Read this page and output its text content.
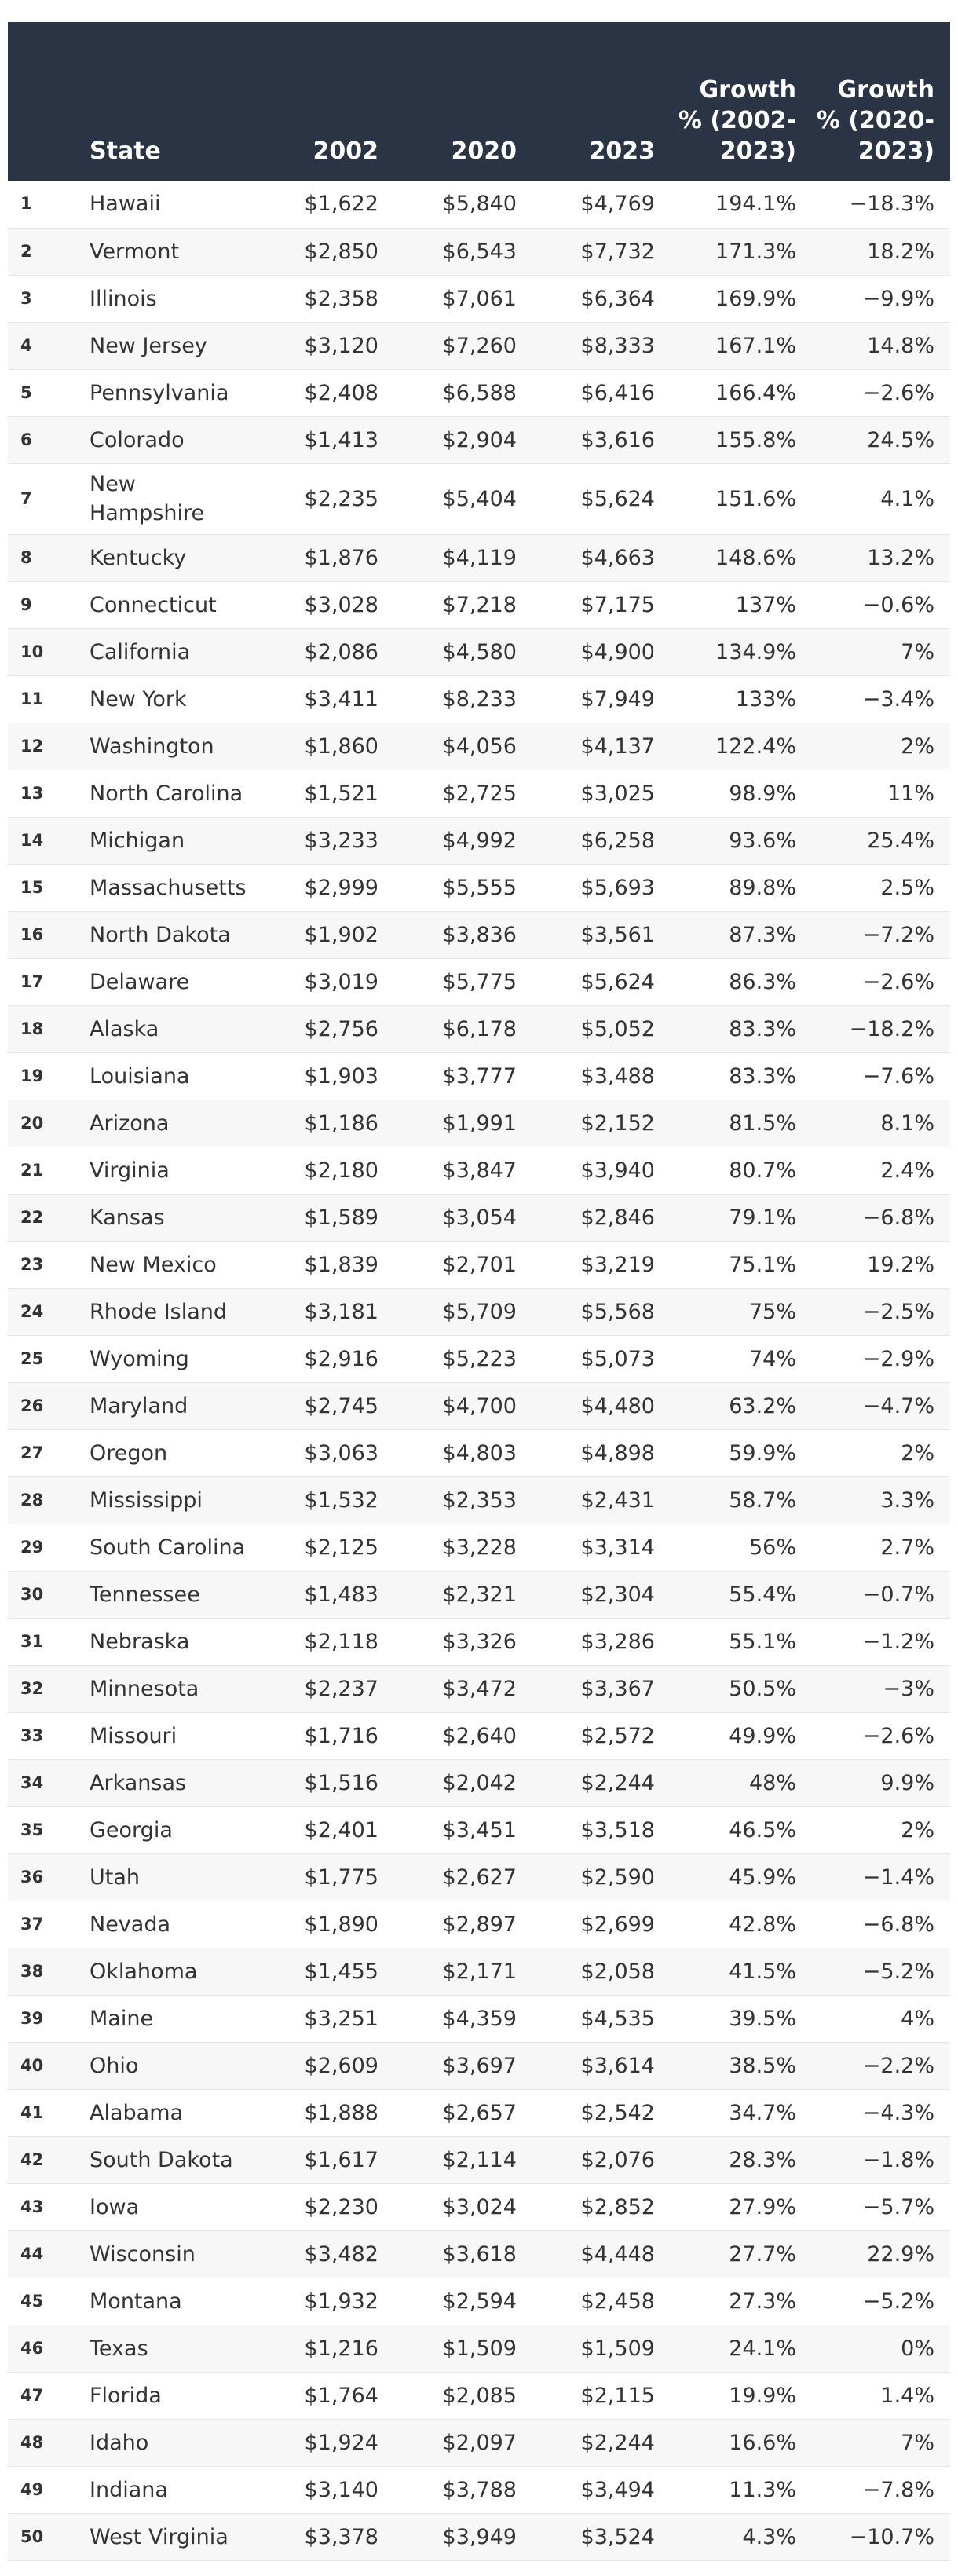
	State	2002	2020	2023	Growth % (2002-2023)	Growth % (2020-2023)
1	Hawaii	$1,622	$5,840	$4,769	194.1%	−18.3%
2	Vermont	$2,850	$6,543	$7,732	171.3%	18.2%
3	Illinois	$2,358	$7,061	$6,364	169.9%	−9.9%
4	New Jersey	$3,120	$7,260	$8,333	167.1%	14.8%
5	Pennsylvania	$2,408	$6,588	$6,416	166.4%	−2.6%
6	Colorado	$1,413	$2,904	$3,616	155.8%	24.5%
7	New Hampshire	$2,235	$5,404	$5,624	151.6%	4.1%
8	Kentucky	$1,876	$4,119	$4,663	148.6%	13.2%
9	Connecticut	$3,028	$7,218	$7,175	137%	−0.6%
10	California	$2,086	$4,580	$4,900	134.9%	7%
11	New York	$3,411	$8,233	$7,949	133%	−3.4%
12	Washington	$1,860	$4,056	$4,137	122.4%	2%
13	North Carolina	$1,521	$2,725	$3,025	98.9%	11%
14	Michigan	$3,233	$4,992	$6,258	93.6%	25.4%
15	Massachusetts	$2,999	$5,555	$5,693	89.8%	2.5%
16	North Dakota	$1,902	$3,836	$3,561	87.3%	−7.2%
17	Delaware	$3,019	$5,775	$5,624	86.3%	−2.6%
18	Alaska	$2,756	$6,178	$5,052	83.3%	−18.2%
19	Louisiana	$1,903	$3,777	$3,488	83.3%	−7.6%
20	Arizona	$1,186	$1,991	$2,152	81.5%	8.1%
21	Virginia	$2,180	$3,847	$3,940	80.7%	2.4%
22	Kansas	$1,589	$3,054	$2,846	79.1%	−6.8%
23	New Mexico	$1,839	$2,701	$3,219	75.1%	19.2%
24	Rhode Island	$3,181	$5,709	$5,568	75%	−2.5%
25	Wyoming	$2,916	$5,223	$5,073	74%	−2.9%
26	Maryland	$2,745	$4,700	$4,480	63.2%	−4.7%
27	Oregon	$3,063	$4,803	$4,898	59.9%	2%
28	Mississippi	$1,532	$2,353	$2,431	58.7%	3.3%
29	South Carolina	$2,125	$3,228	$3,314	56%	2.7%
30	Tennessee	$1,483	$2,321	$2,304	55.4%	−0.7%
31	Nebraska	$2,118	$3,326	$3,286	55.1%	−1.2%
32	Minnesota	$2,237	$3,472	$3,367	50.5%	−3%
33	Missouri	$1,716	$2,640	$2,572	49.9%	−2.6%
34	Arkansas	$1,516	$2,042	$2,244	48%	9.9%
35	Georgia	$2,401	$3,451	$3,518	46.5%	2%
36	Utah	$1,775	$2,627	$2,590	45.9%	−1.4%
37	Nevada	$1,890	$2,897	$2,699	42.8%	−6.8%
38	Oklahoma	$1,455	$2,171	$2,058	41.5%	−5.2%
39	Maine	$3,251	$4,359	$4,535	39.5%	4%
40	Ohio	$2,609	$3,697	$3,614	38.5%	−2.2%
41	Alabama	$1,888	$2,657	$2,542	34.7%	−4.3%
42	South Dakota	$1,617	$2,114	$2,076	28.3%	−1.8%
43	Iowa	$2,230	$3,024	$2,852	27.9%	−5.7%
44	Wisconsin	$3,482	$3,618	$4,448	27.7%	22.9%
45	Montana	$1,932	$2,594	$2,458	27.3%	−5.2%
46	Texas	$1,216	$1,509	$1,509	24.1%	0%
47	Florida	$1,764	$2,085	$2,115	19.9%	1.4%
48	Idaho	$1,924	$2,097	$2,244	16.6%	7%
49	Indiana	$3,140	$3,788	$3,494	11.3%	−7.8%
50	West Virginia	$3,378	$3,949	$3,524	4.3%	−10.7%
